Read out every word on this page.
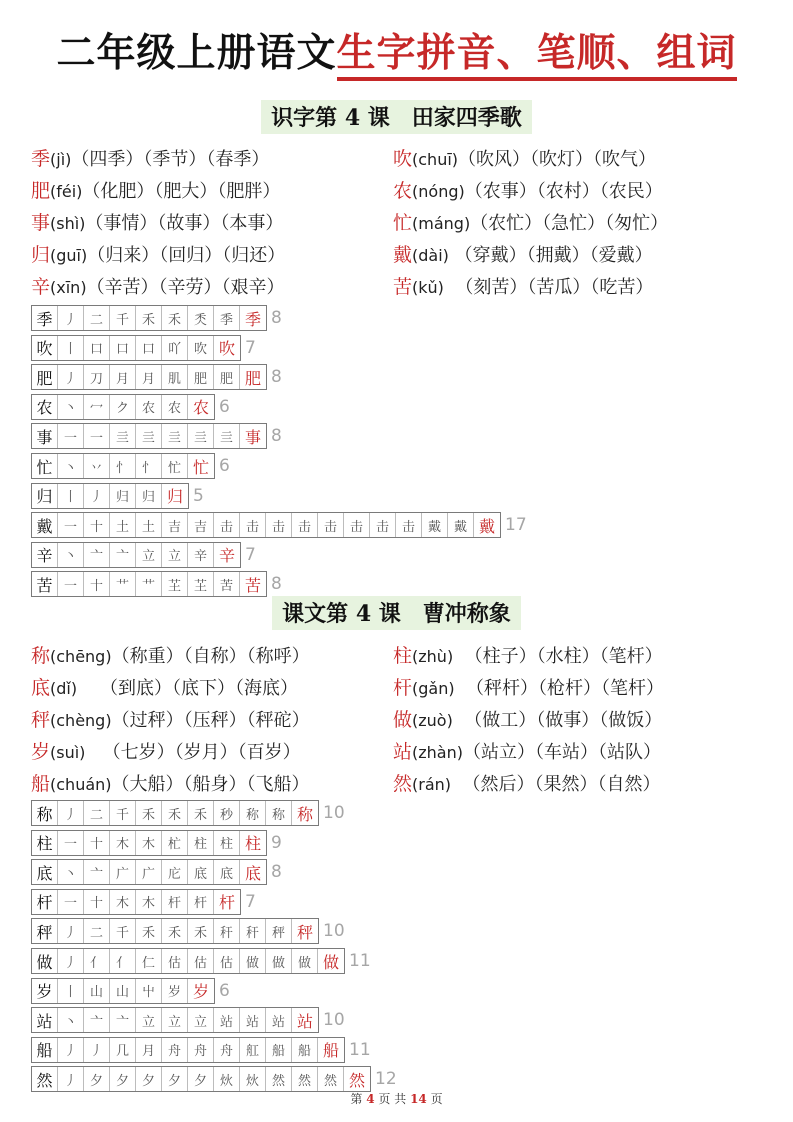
二年级上册语文生字拼音、笔顺、组词
识字第 4 课　田家四季歌
季(jì)（四季）（季节）（春季）
肥(féi)（化肥）（肥大）（肥胖）
事(shì)（事情）（故事）（本事）
归(guī)（归来）（回归）（归还）
辛(xīn)（辛苦）（辛劳）（艰辛）
吹(chuī)（吹风）（吹灯）（吹气）
农(nóng)（农事）（农村）（农民）
忙(máng)（农忙）（急忙）（匆忙）
戴(dài) （穿戴）（拥戴）（爱戴）
苦(kǔ)  （刻苦）（苦瓜）（吃苦）
季 丿 二 千 禾 禾 秂 季 季 8
吹 丨 口 口 口 吖 吹 吹 7
肥 丿 刀 月 月 肌 肥 肥 肥 8
农 丶 冖 ク 农 农 农 6
事 一 一 亖 亖 亖 亖 亖 事 8
忙 丶 丷 忄 忄 忙 忙 6
归 丨 丿 归 归 归 5
戴 一 十 土 土 吉 吉 击 击 击 击 击 击 击 击 戴 戴 戴 17
辛 丶 亠 亠 立 立 辛 辛 7
苦 一 十 艹 艹 芏 芏 苦 苦 8
课文第 4 课　曹冲称象
称(chēng)（称重）（自称）（称呼）
底(dǐ)    （到底）（底下）（海底）
秤(chèng)（过秤）（压秤）（秤砣）
岁(suì)   （七岁）（岁月）（百岁）
船(chuán)（大船）（船身）（飞船）
柱(zhù)  （柱子）（水柱）（笔杆）
杆(gǎn)  （秤杆）（枪杆）（笔杆）
做(zuò)  （做工）（做事）（做饭）
站(zhàn)（站立）（车站）（站队）
然(rán)  （然后）（果然）（自然）
称 丿 二 千 禾 禾 禾 秒 称 称 称 10
柱 一 十 木 木 杧 柱 柱 柱 9
底 丶 亠 广 广 庀 底 底 底 8
杆 一 十 木 木 杆 杆 杆 7
秤 丿 二 千 禾 禾 禾 秆 秆 秤 秤 10
做 丿 亻 亻 仁 估 估 估 做 做 做 做 11
岁 丨 山 山 屮 岁 岁 6
站 丶 亠 亠 立 立 立 站 站 站 站 10
船 丿 丿 几 月 舟 舟 舟 舡 船 船 船 11
然 丿 夕 夕 夕 夕 夕 炏 炏 然 然 然 然 12
第 4 页 共 14 页
